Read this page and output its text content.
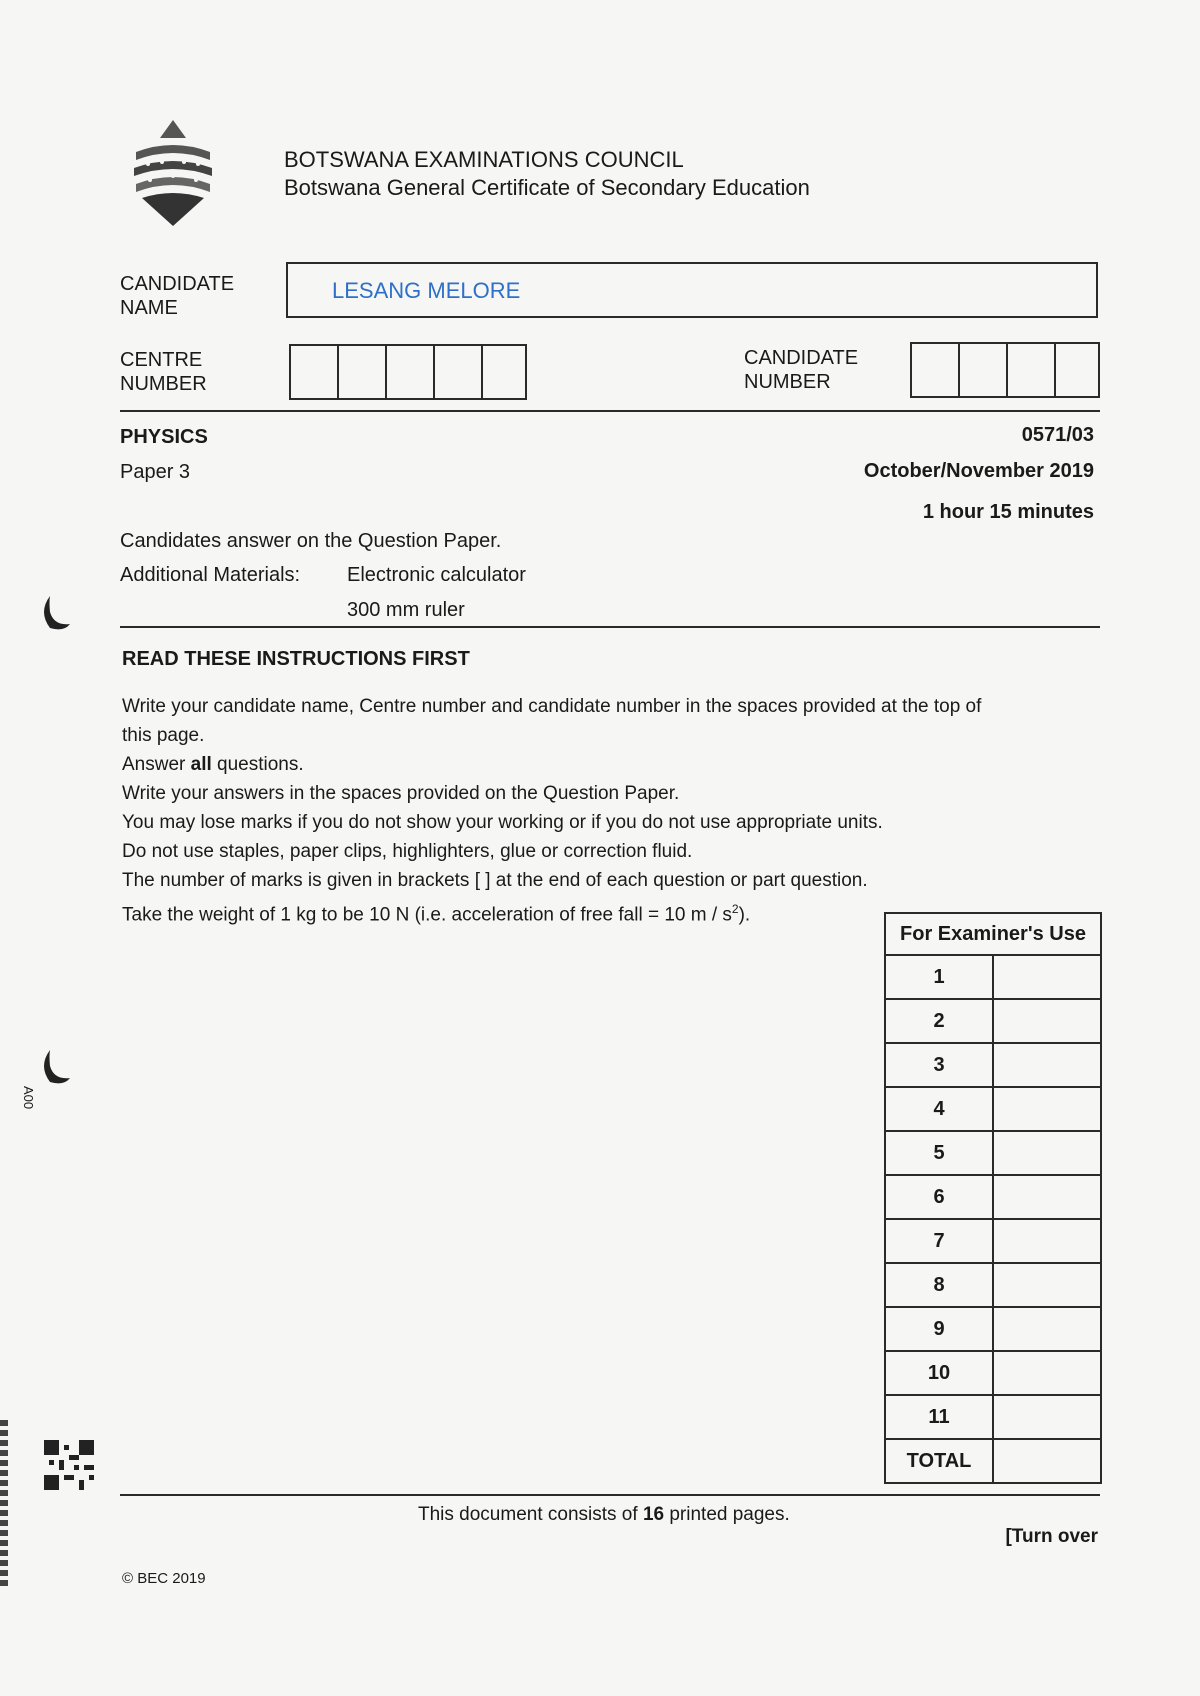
BOTSWANA EXAMINATIONS COUNCIL
Botswana General Certificate of Secondary Education
CANDIDATE
NAME
LESANG MELORE
CENTRE
NUMBER
CANDIDATE
NUMBER
PHYSICS
Paper 3
0571/03
October/November 2019
1 hour 15 minutes
Candidates answer on the Question Paper.
Additional Materials: Electronic calculator
300 mm ruler
READ THESE INSTRUCTIONS FIRST

Write your candidate name, Centre number and candidate number in the spaces provided at the top of

this page.

Answer all questions.

Write your answers in the spaces provided on the Question Paper.

You may lose marks if you do not show your working or if you do not use appropriate units.

Do not use staples, paper clips, highlighters, glue or correction fluid.

The number of marks is given in brackets [ ] at the end of each question or part question.

Take the weight of 1 kg to be 10 N (i.e. acceleration of free fall = 10 m / $s^2$).

For Examiner's Use	
1	
2	
3	
4	
5	
6	
7	
8	
9	
10	
11	
TOTAL	
A00
This document consists of 16 printed pages.
[Turn over
© BEC 2019
